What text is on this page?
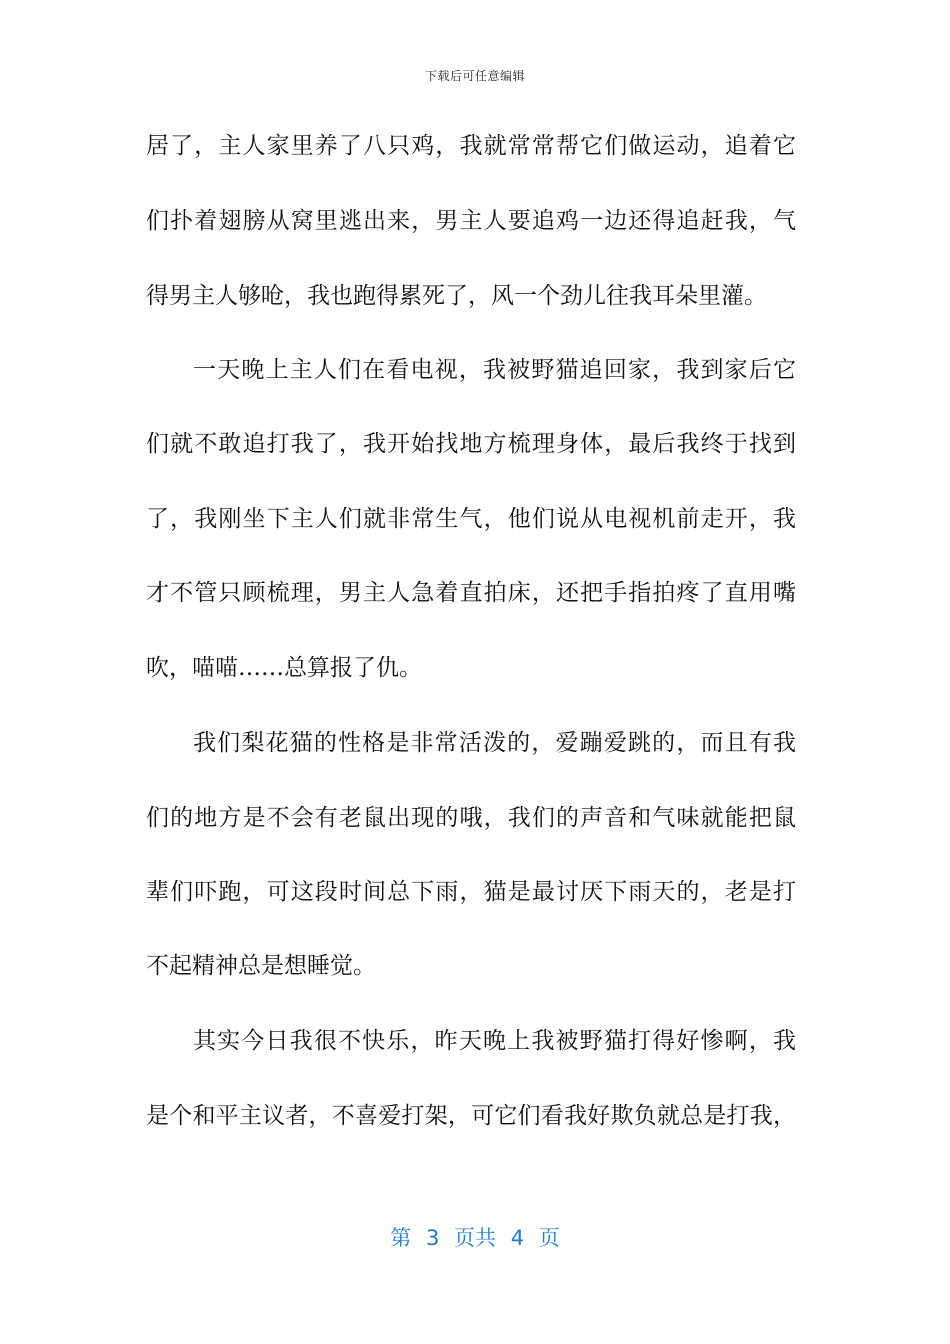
下载后可任意编辑
居了，主人家里养了八只鸡，我就常常帮它们做运动，追着它
们扑着翅膀从窝里逃出来，男主人要追鸡一边还得追赶我，气
得男主人够呛，我也跑得累死了，风一个劲儿往我耳朵里灌。
一天晚上主人们在看电视，我被野猫追回家，我到家后它
们就不敢追打我了，我开始找地方梳理身体，最后我终于找到
了，我刚坐下主人们就非常生气，他们说从电视机前走开，我
才不管只顾梳理，男主人急着直拍床，还把手指拍疼了直用嘴
吹，喵喵……总算报了仇。
我们梨花猫的性格是非常活泼的，爱蹦爱跳的，而且有我
们的地方是不会有老鼠出现的哦，我们的声音和气味就能把鼠
辈们吓跑，可这段时间总下雨，猫是最讨厌下雨天的，老是打
不起精神总是想睡觉。
其实今日我很不快乐，昨天晚上我被野猫打得好惨啊，我
是个和平主议者，不喜爱打架，可它们看我好欺负就总是打我，
第 3 页共 4 页
